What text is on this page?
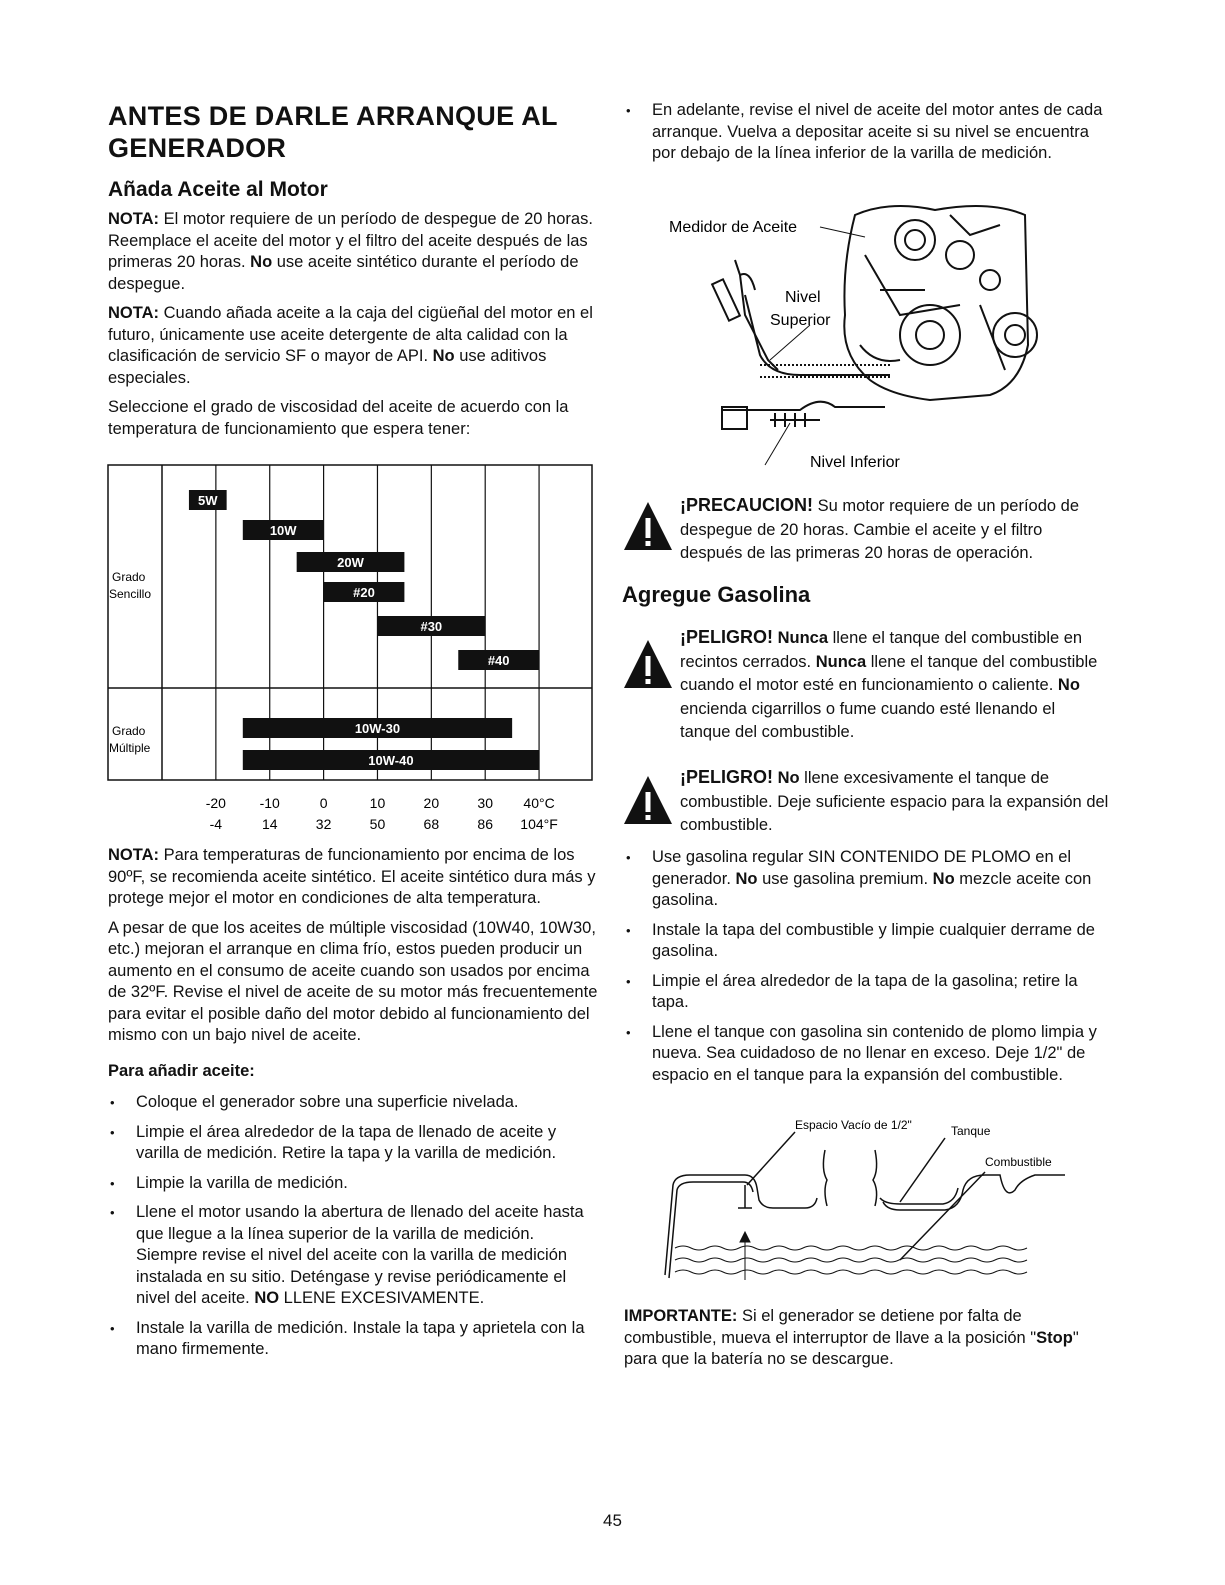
ANTES DE DARLE ARRANQUE AL GENERADOR
Añada Aceite al Motor

NOTA: El motor requiere de un período de despegue de 20 horas. Reemplace el aceite del motor y el filtro del aceite después de las primeras 20 horas. No use aceite sintético durante el período de despegue.

NOTA: Cuando añada aceite a la caja del cigüeñal del motor en el futuro, únicamente use aceite detergente de alta calidad con la clasificación de servicio SF o mayor de API. No use aditivos especiales.

Seleccione el grado de viscosidad del aceite de acuerdo con la temperatura de funcionamiento que espera tener:

5W
10W
20W
#20
#30
#40
10W-30
10W-40
-20
-4
-10
14
0
32
10
50
20
68
30
86
40°C
104°F
Grado
Sencillo
Grado
Múltiple

NOTA: Para temperaturas de funcionamiento por encima de los 90ºF, se recomienda aceite sintético. El aceite sintético dura más y protege mejor el motor en condiciones de alta temperatura.

A pesar de que los aceites de múltiple viscosidad (10W40, 10W30, etc.) mejoran el arranque en clima frío, estos pueden producir un aumento en el consumo de aceite cuando son usados por encima de 32ºF. Revise el nivel de aceite de su motor más frecuentemente para evitar el posible daño del motor debido al funcionamiento del mismo con un bajo nivel de aceite.

Para añadir aceite:

• Coloque el generador sobre una superficie nivelada.
• Limpie el área alrededor de la tapa de llenado de aceite y varilla de medición. Retire la tapa y la varilla de medición.
• Limpie la varilla de medición.
• Llene el motor usando la abertura de llenado del aceite hasta que llegue a la línea superior de la varilla de medición. Siempre revise el nivel del aceite con la varilla de medición instalada en su sitio. Deténgase y revise periódicamente el nivel del aceite. NO LLENE EXCESIVAMENTE.
• Instale la varilla de medición. Instale la tapa y aprietela con la mano firmemente.
• En adelante, revise el nivel de aceite del motor antes de cada arranque. Vuelva a depositar aceite si su nivel se encuentra por debajo de la línea inferior de la varilla de medición.
Medidor de Aceite
Nivel
Superior
Nivel Inferior
¡PRECAUCION! Su motor requiere de un período de despegue de 20 horas. Cambie el aceite y el filtro después de las primeras 20 horas de operación.
Agregue Gasolina
¡PELIGRO! Nunca llene el tanque del combustible en recintos cerrados. Nunca llene el tanque del combustible cuando el motor esté en funcionamiento o caliente. No encienda cigarrillos o fume cuando esté llenando el tanque del combustible.
¡PELIGRO! No llene excesivamente el tanque de combustible. Deje suficiente espacio para la expansión del combustible.
• Use gasolina regular SIN CONTENIDO DE PLOMO en el generador. No use gasolina premium. No mezcle aceite con gasolina.
• Instale la tapa del combustible y limpie cualquier derrame de gasolina.
• Limpie el área alrededor de la tapa de la gasolina; retire la tapa.
• Llene el tanque con gasolina sin contenido de plomo limpia y nueva. Sea cuidadoso de no llenar en exceso. Deje 1/2" de espacio en el tanque para la expansión del combustible.
Espacio Vacío de 1/2"	Tanque
Combustible

IMPORTANTE: Si el generador se detiene por falta de combustible, mueva el interruptor de llave a la posición "Stop" para que la batería no se descargue.

45
